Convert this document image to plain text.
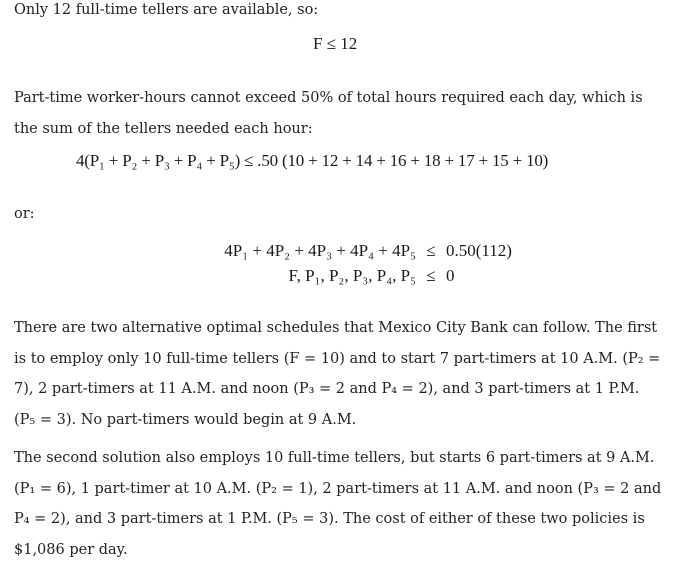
Only 12 full-time tellers are available, so:

F ≤ 12

Part-time worker-hours cannot exceed 50% of total hours required each day, which is the sum of the tellers needed each hour:

4(P₁ + P₂ + P₃ + P₄ + P₅) ≤ .50 (10 + 12 + 14 + 16 + 18 + 17 + 15 + 10)

or:

4P₁ + 4P₂ + 4P₃ + 4P₄ + 4P₅ ≤ 0.50(112)
F, P₁, P₂, P₃, P₄, P₅ ≤ 0

There are two alternative optimal schedules that Mexico City Bank can follow. The first is to employ only 10 full-time tellers (F = 10) and to start 7 part-timers at 10 A.M. (P₂ = 7), 2 part-timers at 11 A.M. and noon (P₃ = 2 and P₄ = 2), and 3 part-timers at 1 P.M. (P₅ = 3). No part-timers would begin at 9 A.M.

The second solution also employs 10 full-time tellers, but starts 6 part-timers at 9 A.M. (P₁ = 6), 1 part-timer at 10 A.M. (P₂ = 1), 2 part-timers at 11 A.M. and noon (P₃ = 2 and P₄ = 2), and 3 part-timers at 1 P.M. (P₅ = 3). The cost of either of these two policies is $1,086 per day.
